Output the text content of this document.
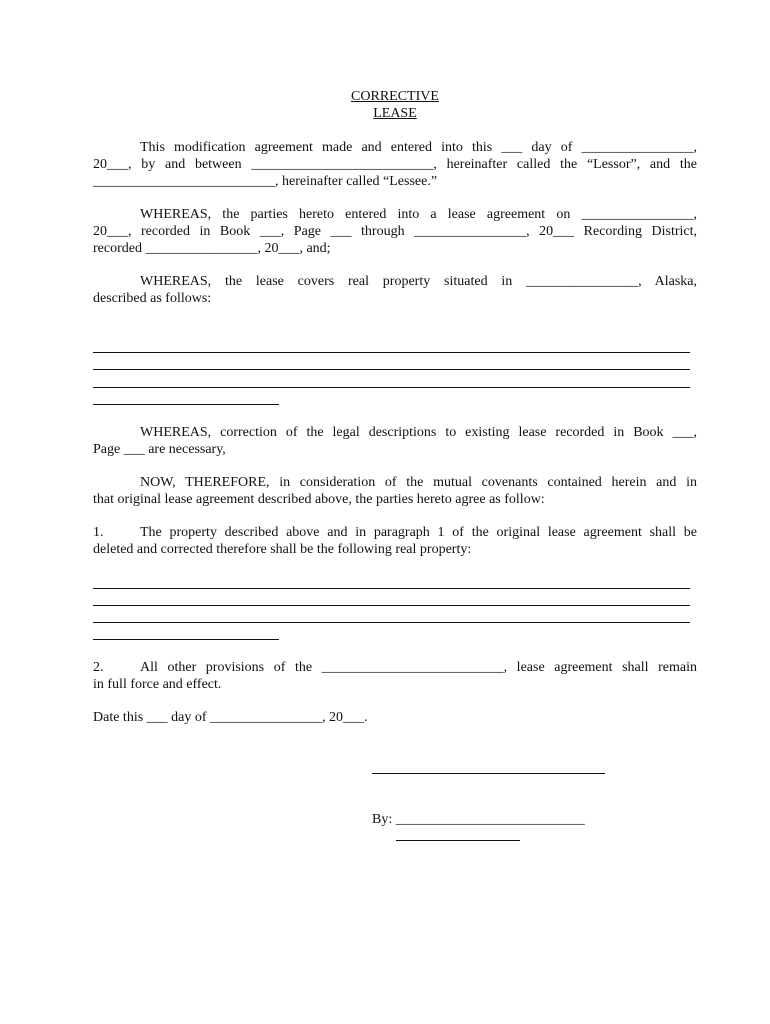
CORRECTIVE
LEASE
This modification agreement made and entered into this ___ day of ________________,
20___, by and between __________________________, hereinafter called the “Lessor”, and the
__________________________, hereinafter called “Lessee.”
WHEREAS, the parties hereto entered into a lease agreement on ________________,
20___, recorded in Book ___, Page ___ through ________________, 20___ Recording District,
recorded ________________, 20___, and;
WHEREAS, the lease covers real property situated in ________________, Alaska,
described as follows:
WHEREAS, correction of the legal descriptions to existing lease recorded in Book ___,
Page ___ are necessary,
NOW, THEREFORE, in consideration of the mutual covenants contained herein and in
that original lease agreement described above, the parties hereto agree as follow:
1.	The property described above and in paragraph 1 of the original lease agreement shall be
deleted and corrected therefore shall be the following real property:
2.	All other provisions of the __________________________, lease agreement shall remain
in full force and effect.
Date this ___ day of ________________, 20___.
By: ___________________________
